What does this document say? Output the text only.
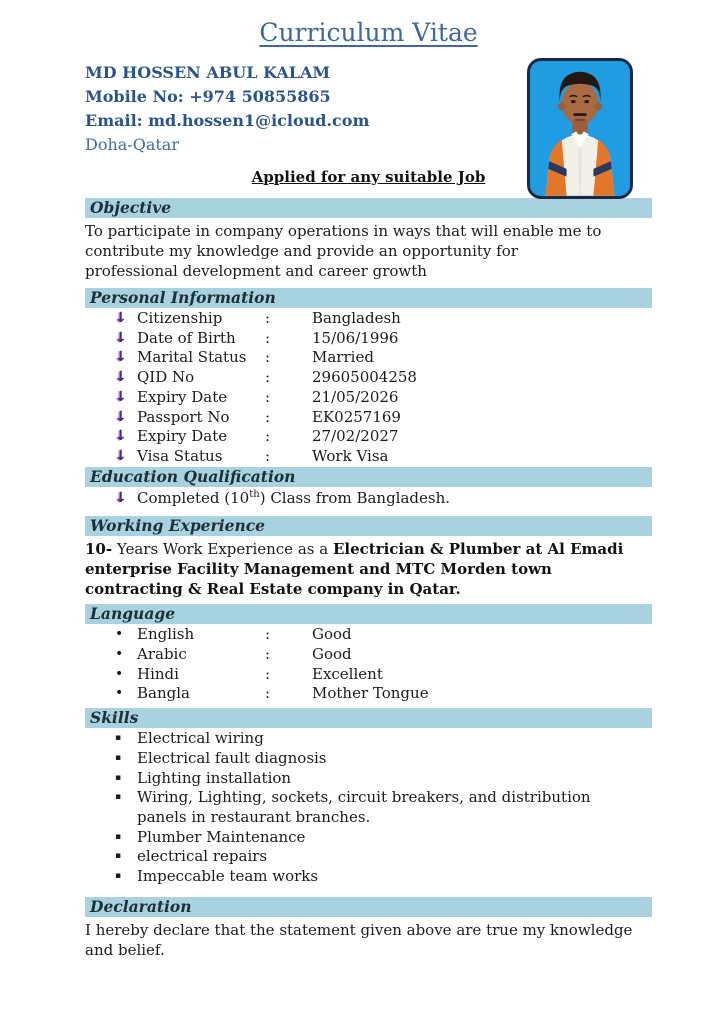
Curriculum Vitae
MD HOSSEN ABUL KALAM
Mobile No: +974 50855865
Email: md.hossen1@icloud.com
Doha-Qatar
Applied for any suitable Job
Objective

To participate in company operations in ways that will enable me to contribute my knowledge and provide an opportunity for professional development and career growth

Personal Information
↓ Citizenship	:	Bangladesh
↓ Date of Birth	:	15/06/1996
↓ Marital Status	:	Married
↓ QID No	:	29605004258
↓ Expiry Date	:	21/05/2026
↓ Passport No	:	EK0257169
↓ Expiry Date	:	27/02/2027
↓ Visa Status	:	Work Visa
Education Qualification
↓ Completed (10th) Class from Bangladesh.
Working Experience

10- Years Work Experience as a Electrician & Plumber at Al Emadi enterprise Facility Management and MTC Morden town contracting & Real Estate company in Qatar.

Language
• English	:	Good
• Arabic	:	Good
• Hindi	:	Excellent
• Bangla	:	Mother Tongue
Skills
▪	Electrical wiring
▪	Electrical fault diagnosis
▪	Lighting installation
▪	Wiring, Lighting, sockets, circuit breakers, and distribution panels in restaurant branches.
▪	Plumber Maintenance
▪	electrical repairs
▪	Impeccable team works
Declaration

I hereby declare that the statement given above are true my knowledge and belief.
